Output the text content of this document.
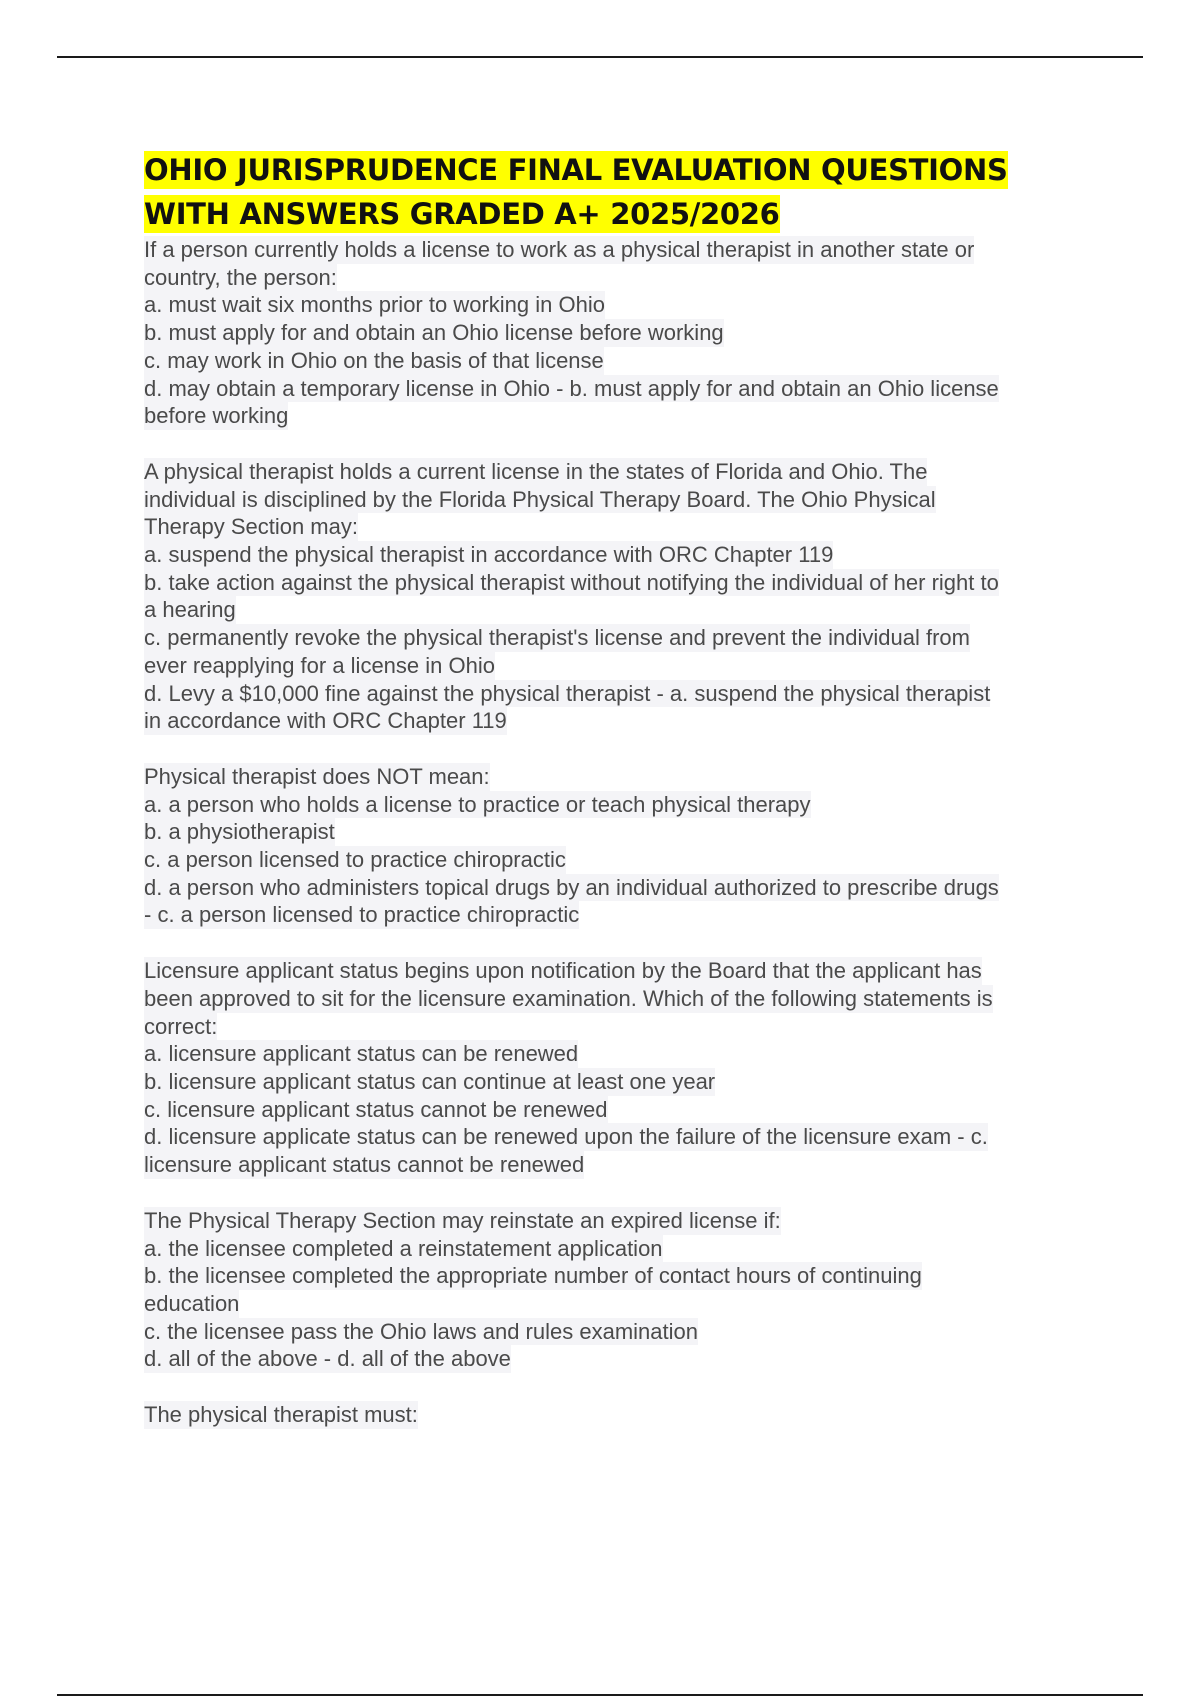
OHIO JURISPRUDENCE FINAL EVALUATION QUESTIONS
WITH ANSWERS GRADED A+ 2025/2026
If a person currently holds a license to work as a physical therapist in another state or
country, the person:
a. must wait six months prior to working in Ohio
b. must apply for and obtain an Ohio license before working
c. may work in Ohio on the basis of that license
d. may obtain a temporary license in Ohio - b. must apply for and obtain an Ohio license
before working
A physical therapist holds a current license in the states of Florida and Ohio. The
individual is disciplined by the Florida Physical Therapy Board. The Ohio Physical
Therapy Section may:
a. suspend the physical therapist in accordance with ORC Chapter 119
b. take action against the physical therapist without notifying the individual of her right to
a hearing
c. permanently revoke the physical therapist's license and prevent the individual from
ever reapplying for a license in Ohio
d. Levy a $10,000 fine against the physical therapist - a. suspend the physical therapist
in accordance with ORC Chapter 119
Physical therapist does NOT mean:
a. a person who holds a license to practice or teach physical therapy
b. a physiotherapist
c. a person licensed to practice chiropractic
d. a person who administers topical drugs by an individual authorized to prescribe drugs
- c. a person licensed to practice chiropractic
Licensure applicant status begins upon notification by the Board that the applicant has
been approved to sit for the licensure examination. Which of the following statements is
correct:
a. licensure applicant status can be renewed
b. licensure applicant status can continue at least one year
c. licensure applicant status cannot be renewed
d. licensure applicate status can be renewed upon the failure of the licensure exam - c.
licensure applicant status cannot be renewed
The Physical Therapy Section may reinstate an expired license if:
a. the licensee completed a reinstatement application
b. the licensee completed the appropriate number of contact hours of continuing
education
c. the licensee pass the Ohio laws and rules examination
d. all of the above - d. all of the above
The physical therapist must:
